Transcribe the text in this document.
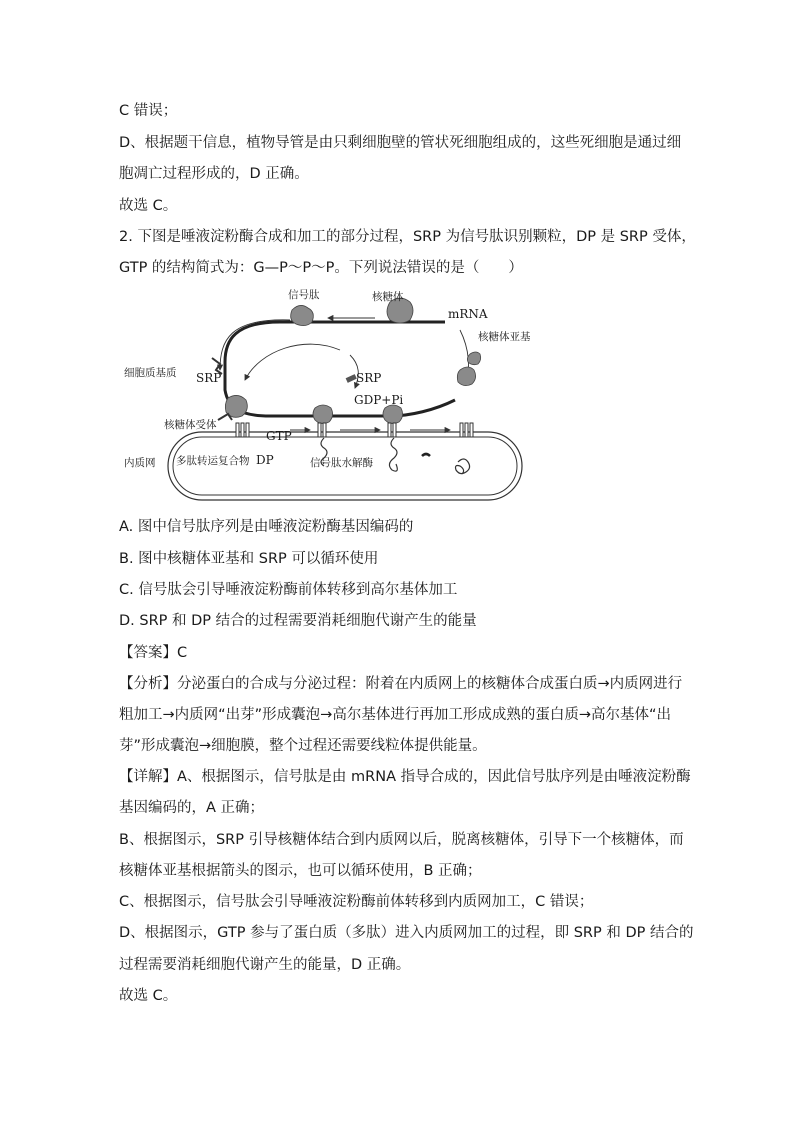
C 错误；
D、根据题干信息，植物导管是由只剩细胞壁的管状死细胞组成的，这些死细胞是通过细
胞凋亡过程形成的，D 正确。
故选 C。
2. 下图是唾液淀粉酶合成和加工的部分过程，SRP 为信号肽识别颗粒，DP 是 SRP 受体，
GTP 的结构简式为：G—P～P～P。下列说法错误的是（　　）
信号肽	核糖体
mRNA
核糖体亚基
细胞质基质 SRP	SRP
GDP+Pi
核糖体受体
GTP
内质网 多肽转运复合物 DP	信号肽水解酶
A. 图中信号肽序列是由唾液淀粉酶基因编码的
B. 图中核糖体亚基和 SRP 可以循环使用
C. 信号肽会引导唾液淀粉酶前体转移到高尔基体加工
D. SRP 和 DP 结合的过程需要消耗细胞代谢产生的能量
【答案】C
【分析】分泌蛋白的合成与分泌过程：附着在内质网上的核糖体合成蛋白质→内质网进行
粗加工→内质网“出芽”形成囊泡→高尔基体进行再加工形成成熟的蛋白质→高尔基体“出
芽”形成囊泡→细胞膜，整个过程还需要线粒体提供能量。
【详解】A、根据图示，信号肽是由 mRNA 指导合成的，因此信号肽序列是由唾液淀粉酶
基因编码的，A 正确；
B、根据图示，SRP 引导核糖体结合到内质网以后，脱离核糖体，引导下一个核糖体，而
核糖体亚基根据箭头的图示，也可以循环使用，B 正确；
C、根据图示，信号肽会引导唾液淀粉酶前体转移到内质网加工，C 错误；
D、根据图示，GTP 参与了蛋白质（多肽）进入内质网加工的过程，即 SRP 和 DP 结合的
过程需要消耗细胞代谢产生的能量，D 正确。
故选 C。
